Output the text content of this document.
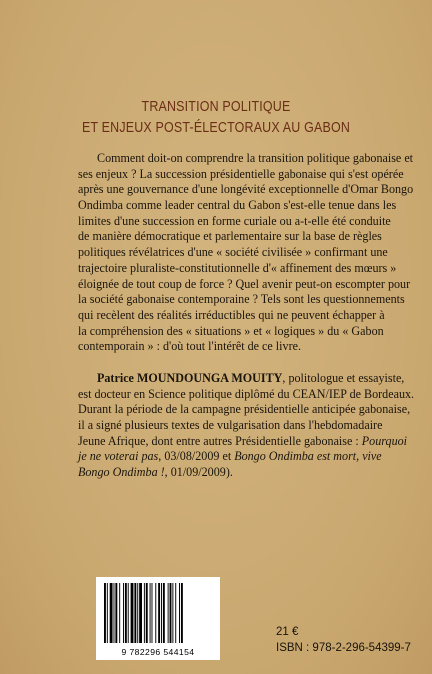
TRANSITION POLITIQUE
ET ENJEUX POST-ÉLECTORAUX AU GABON
Comment doit-on comprendre la transition politique gabonaise et
ses enjeux ? La succession présidentielle gabonaise qui s'est opérée
après une gouvernance d'une longévité exceptionnelle d'Omar Bongo
Ondimba comme leader central du Gabon s'est-elle tenue dans les
limites d'une succession en forme curiale ou a-t-elle été conduite
de manière démocratique et parlementaire sur la base de règles
politiques révélatrices d'une « société civilisée » confirmant une
trajectoire pluraliste-constitutionnelle d'« affinement des mœurs »
éloignée de tout coup de force ? Quel avenir peut-on escompter pour
la société gabonaise contemporaine ? Tels sont les questionnements
qui recèlent des réalités irréductibles qui ne peuvent échapper à
la compréhension des « situations » et « logiques » du « Gabon
contemporain » : d'où tout l'intérêt de ce livre.
Patrice MOUNDOUNGA MOUITY, politologue et essayiste,
est docteur en Science politique diplômé du CEAN/IEP de Bordeaux.
Durant la période de la campagne présidentielle anticipée gabonaise,
il a signé plusieurs textes de vulgarisation dans l'hebdomadaire
Jeune Afrique, dont entre autres Présidentielle gabonaise : Pourquoi
je ne voterai pas, 03/08/2009 et Bongo Ondimba est mort, vive
Bongo Ondimba !, 01/09/2009).
9 782296 544154
21 €
ISBN : 978-2-296-54399-7
